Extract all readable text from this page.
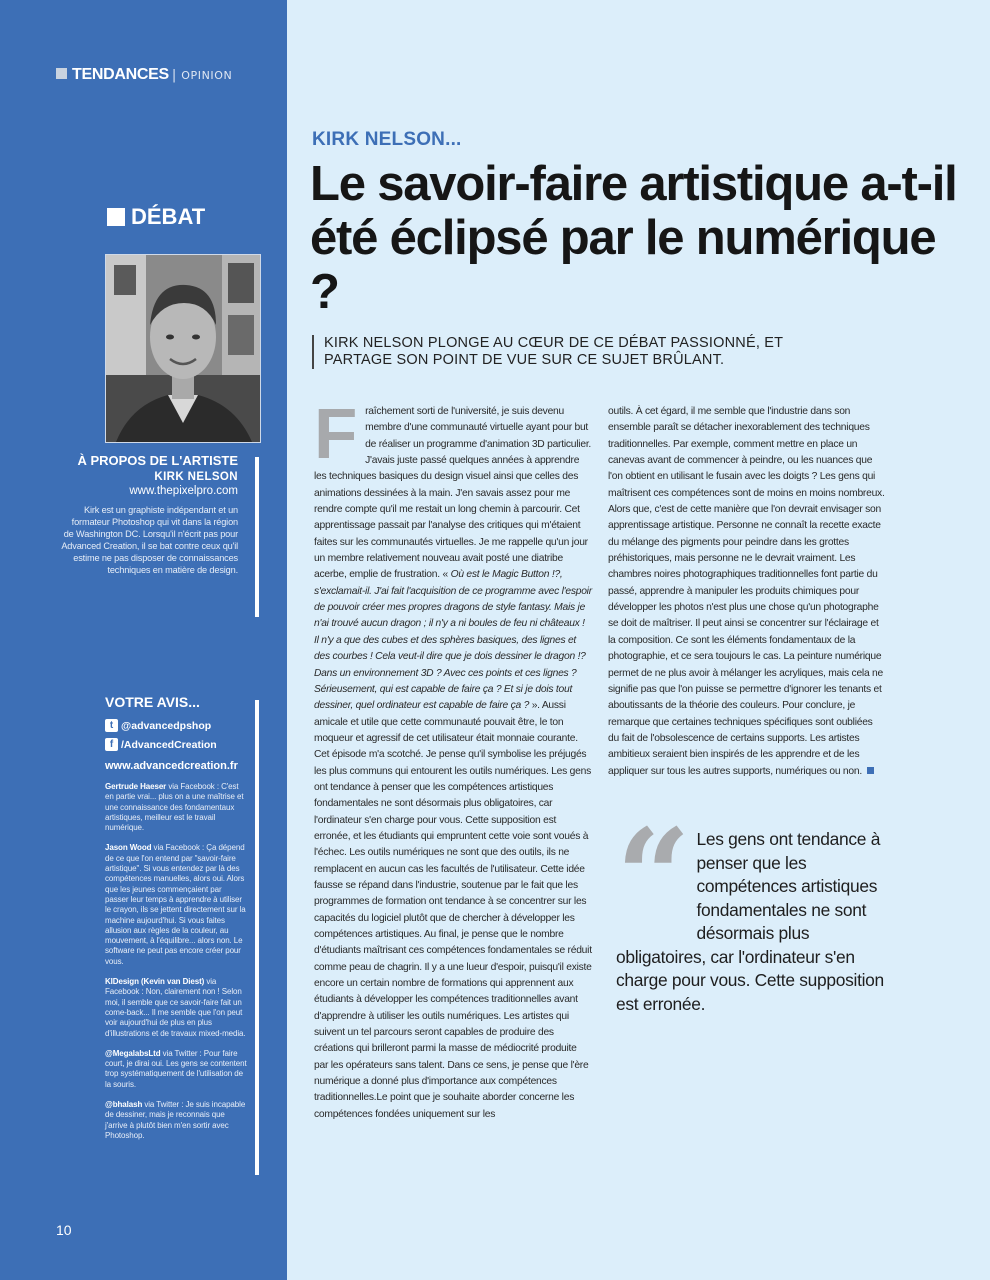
TENDANCES | OPINION
DÉBAT
À PROPOS DE L'ARTISTE
KIRK NELSON
www.thepixelpro.com
Kirk est un graphiste indépendant et un formateur Photoshop qui vit dans la région de Washington DC. Lorsqu'il n'écrit pas pour Advanced Creation, il se bat contre ceux qu'il estime ne pas disposer de connaissances techniques en matière de design.
VOTRE AVIS...
t @advancedpshop
f /AdvancedCreation
www.advancedcreation.fr
Gertrude Haeser via Facebook : C'est en partie vrai... plus on a une maîtrise et une connaissance des fondamentaux artistiques, meilleur est le travail numérique.
Jason Wood via Facebook : Ça dépend de ce que l'on entend par "savoir-faire artistique". Si vous entendez par là des compétences manuelles, alors oui. Alors que les jeunes commençaient par passer leur temps à apprendre à utiliser le crayon, ils se jettent directement sur la machine aujourd'hui. Si vous faites allusion aux règles de la couleur, au mouvement, à l'équilibre... alors non. Le software ne peut pas encore créer pour vous.
KIDesign (Kevin van Diest) via Facebook : Non, clairement non ! Selon moi, il semble que ce savoir-faire fait un come-back... Il me semble que l'on peut voir aujourd'hui de plus en plus d'illustrations et de travaux mixed-media.
@MegalabsLtd via Twitter : Pour faire court, je dirai oui. Les gens se contentent trop systématiquement de l'utilisation de la souris.
@bhalash via Twitter : Je suis incapable de dessiner, mais je reconnais que j'arrive à plutôt bien m'en sortir avec Photoshop.
10
KIRK NELSON...
Le savoir-faire artistique a-t-il été éclipsé par le numérique ?
KIRK NELSON PLONGE AU CŒUR DE CE DÉBAT PASSIONNÉ, ET PARTAGE SON POINT DE VUE SUR CE SUJET BRÛLANT.
F raîchement sorti de l'université, je suis devenu membre d'une communauté virtuelle ayant pour but de réaliser un programme d'animation 3D particulier. J'avais juste passé quelques années à apprendre les techniques basiques du design visuel ainsi que celles des animations dessinées à la main. J'en savais assez pour me rendre compte qu'il me restait un long chemin à parcourir. Cet apprentissage passait par l'analyse des critiques qui m'étaient faites sur les communautés virtuelles. Je me rappelle qu'un jour un membre relativement nouveau avait posté une diatribe acerbe, emplie de frustration. « Où est le Magic Button !?, s'exclamait-il. J'ai fait l'acquisition de ce programme avec l'espoir de pouvoir créer mes propres dragons de style fantasy. Mais je n'ai trouvé aucun dragon ; il n'y a ni boules de feu ni châteaux ! Il n'y a que des cubes et des sphères basiques, des lignes et des courbes ! Cela veut-il dire que je dois dessiner le dragon !? Dans un environnement 3D ? Avec ces points et ces lignes ? Sérieusement, qui est capable de faire ça ? Et si je dois tout dessiner, quel ordinateur est capable de faire ça ? ». Aussi amicale et utile que cette communauté pouvait être, le ton moqueur et agressif de cet utilisateur était monnaie courante. Cet épisode m'a scotché. Je pense qu'il symbolise les préjugés les plus communs qui entourent les outils numériques. Les gens ont tendance à penser que les compétences artistiques fondamentales ne sont désormais plus obligatoires, car l'ordinateur s'en charge pour vous. Cette supposition est erronée, et les étudiants qui empruntent cette voie sont voués à l'échec. Les outils numériques ne sont que des outils, ils ne remplacent en aucun cas les facultés de l'utilisateur. Cette idée fausse se répand dans l'industrie, soutenue par le fait que les programmes de formation ont tendance à se concentrer sur les capacités du logiciel plutôt que de chercher à développer les compétences artistiques. Au final, je pense que le nombre d'étudiants maîtrisant ces compétences fondamentales se réduit comme peau de chagrin. Il y a une lueur d'espoir, puisqu'il existe encore un certain nombre de formations qui apprennent aux étudiants à développer les compétences traditionnelles avant d'apprendre à utiliser les outils numériques. Les artistes qui suivent un tel parcours seront capables de produire des créations qui brilleront parmi la masse de médiocrité produite par les opérateurs sans talent. Dans ce sens, je pense que l'ère numérique a donné plus d'importance aux compétences traditionnelles.Le point que je souhaite aborder concerne les compétences fondées uniquement sur les

outils. À cet égard, il me semble que l'industrie dans son ensemble paraît se détacher inexorablement des techniques traditionnelles. Par exemple, comment mettre en place un canevas avant de commencer à peindre, ou les nuances que l'on obtient en utilisant le fusain avec les doigts ? Les gens qui maîtrisent ces compétences sont de moins en moins nombreux. Alors que, c'est de cette manière que l'on devrait envisager son apprentissage artistique. Personne ne connaît la recette exacte du mélange des pigments pour peindre dans les grottes préhistoriques, mais personne ne le devrait vraiment. Les chambres noires photographiques traditionnelles font partie du passé, apprendre à manipuler les produits chimiques pour développer les photos n'est plus une chose qu'un photographe se doit de maîtriser. Il peut ainsi se concentrer sur l'éclairage et la composition. Ce sont les éléments fondamentaux de la photographie, et ce sera toujours le cas. La peinture numérique permet de ne plus avoir à mélanger les acryliques, mais cela ne signifie pas que l'on puisse se permettre d'ignorer les tenants et aboutissants de la théorie des couleurs. Pour conclure, je remarque que certaines techniques spécifiques sont oubliées du fait de l'obsolescence de certains supports. Les artistes ambitieux seraient bien inspirés de les apprendre et de les appliquer sur tous les autres supports, numériques ou non.

“ Les gens ont tendance à penser que les compétences artistiques fondamentales ne sont désormais plus obligatoires, car l'ordinateur s'en charge pour vous. Cette supposition est erronée.
